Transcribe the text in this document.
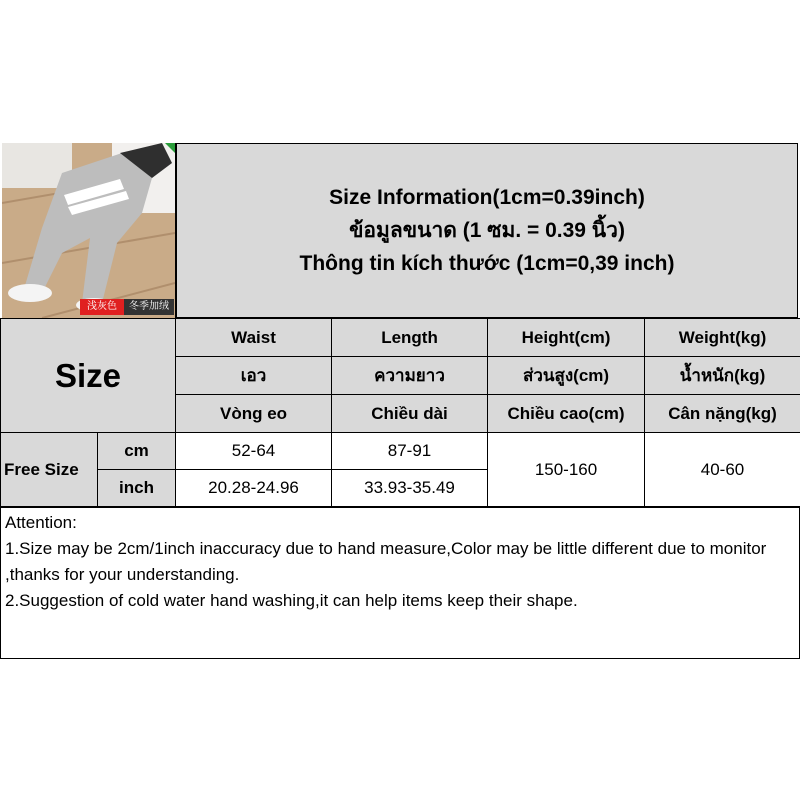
浅灰色	冬季加绒
Size Information(1cm=0.39inch)
ข้อมูลขนาด (1 ซม. = 0.39 นิ้ว)
Thông tin kích thước (1cm=0,39 inch)
Size		Waist	Length	Height(cm)	Weight(kg)
		เอว	ความยาว	ส่วนสูง(cm)	น้ำหนัก(kg)
		Vòng eo	Chiều dài	Chiều cao(cm)	Cân nặng(kg)
Free Size	cm	52-64	87-91	150-160	40-60
	inch	20.28-24.96	33.93-35.49		
Attention:
1.Size may be 2cm/1inch inaccuracy due to hand measure,Color may be little different due to monitor ,thanks for your understanding.
2.Suggestion of cold water hand washing,it can help items keep their shape.
